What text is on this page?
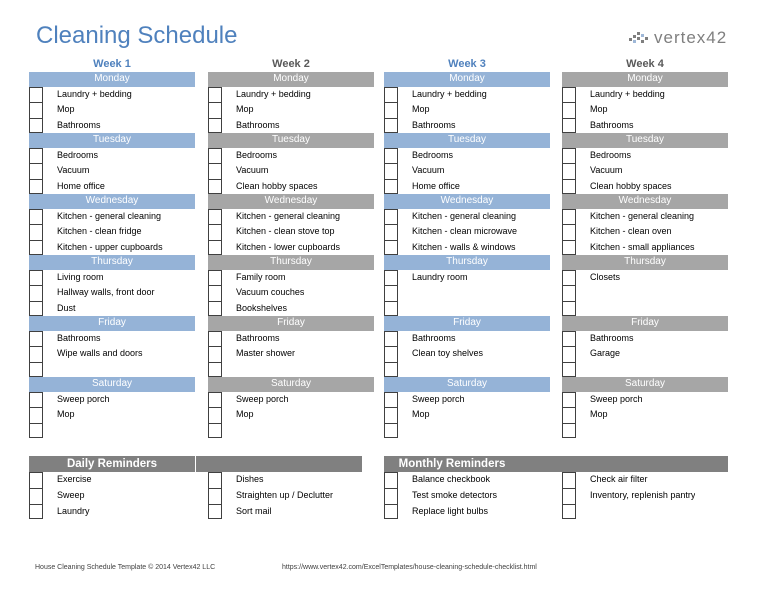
Cleaning Schedule	vertex42
Week 1
Monday
Laundry + bedding
Mop
Bathrooms
Tuesday
Bedrooms
Vacuum
Home office
Wednesday
Kitchen - general cleaning
Kitchen - clean fridge
Kitchen - upper cupboards
Thursday
Living room
Hallway walls, front door
Dust
Friday
Bathrooms
Wipe walls and doors
Saturday
Sweep porch
Mop
Week 2
Monday
Laundry + bedding
Mop
Bathrooms
Tuesday
Bedrooms
Vacuum
Clean hobby spaces
Wednesday
Kitchen - general cleaning
Kitchen - clean stove top
Kitchen - lower cupboards
Thursday
Family room
Vacuum couches
Bookshelves
Friday
Bathrooms
Master shower
Saturday
Sweep porch
Mop
Week 3
Monday
Laundry + bedding
Mop
Bathrooms
Tuesday
Bedrooms
Vacuum
Home office
Wednesday
Kitchen - general cleaning
Kitchen - clean microwave
Kitchen - walls & windows
Thursday
Laundry room
Friday
Bathrooms
Clean toy shelves
Saturday
Sweep porch
Mop
Week 4
Monday
Laundry + bedding
Mop
Bathrooms
Tuesday
Bedrooms
Vacuum
Clean hobby spaces
Wednesday
Kitchen - general cleaning
Kitchen - clean oven
Kitchen - small appliances
Thursday
Closets
Friday
Bathrooms
Garage
Saturday
Sweep porch
Mop
Daily Reminders	Monthly Reminders
Exercise
Sweep
Laundry
Dishes
Straighten up / Declutter
Sort mail
Balance checkbook
Test smoke detectors
Replace light bulbs
Check air filter
Inventory, replenish pantry
House Cleaning Schedule Template © 2014 Vertex42 LLC	https://www.vertex42.com/ExcelTemplates/house-cleaning-schedule-checklist.html
